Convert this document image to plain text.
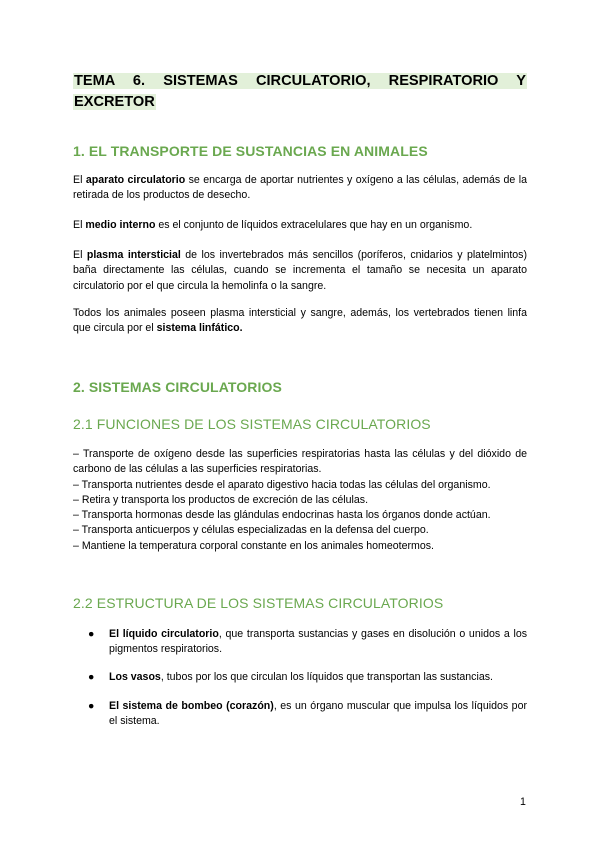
TEMA 6. SISTEMAS CIRCULATORIO, RESPIRATORIO Y
EXCRETOR
1. EL TRANSPORTE DE SUSTANCIAS EN ANIMALES
El aparato circulatorio se encarga de aportar nutrientes y oxígeno a las células, además de la retirada de los productos de desecho.
El medio interno es el conjunto de líquidos extracelulares que hay en un organismo.
El plasma intersticial de los invertebrados más sencillos (poríferos, cnidarios y platelmintos) baña directamente las células, cuando se incrementa el tamaño se necesita un aparato circulatorio por el que circula la hemolinfa o la sangre.
Todos los animales poseen plasma intersticial y sangre, además, los vertebrados tienen linfa que circula por el sistema linfático.
2. SISTEMAS CIRCULATORIOS
2.1 FUNCIONES DE LOS SISTEMAS CIRCULATORIOS
– Transporte de oxígeno desde las superficies respiratorias hasta las células y del dióxido de carbono de las células a las superficies respiratorias.
– Transporta nutrientes desde el aparato digestivo hacia todas las células del organismo.
– Retira y transporta los productos de excreción de las células.
– Transporta hormonas desde las glándulas endocrinas hasta los órganos donde actúan.
– Transporta anticuerpos y células especializadas en la defensa del cuerpo.
– Mantiene la temperatura corporal constante en los animales homeotermos.
2.2 ESTRUCTURA DE LOS SISTEMAS CIRCULATORIOS
● El líquido circulatorio, que transporta sustancias y gases en disolución o unidos a los pigmentos respiratorios.
● Los vasos, tubos por los que circulan los líquidos que transportan las sustancias.
● El sistema de bombeo (corazón), es un órgano muscular que impulsa los líquidos por el sistema.
1
